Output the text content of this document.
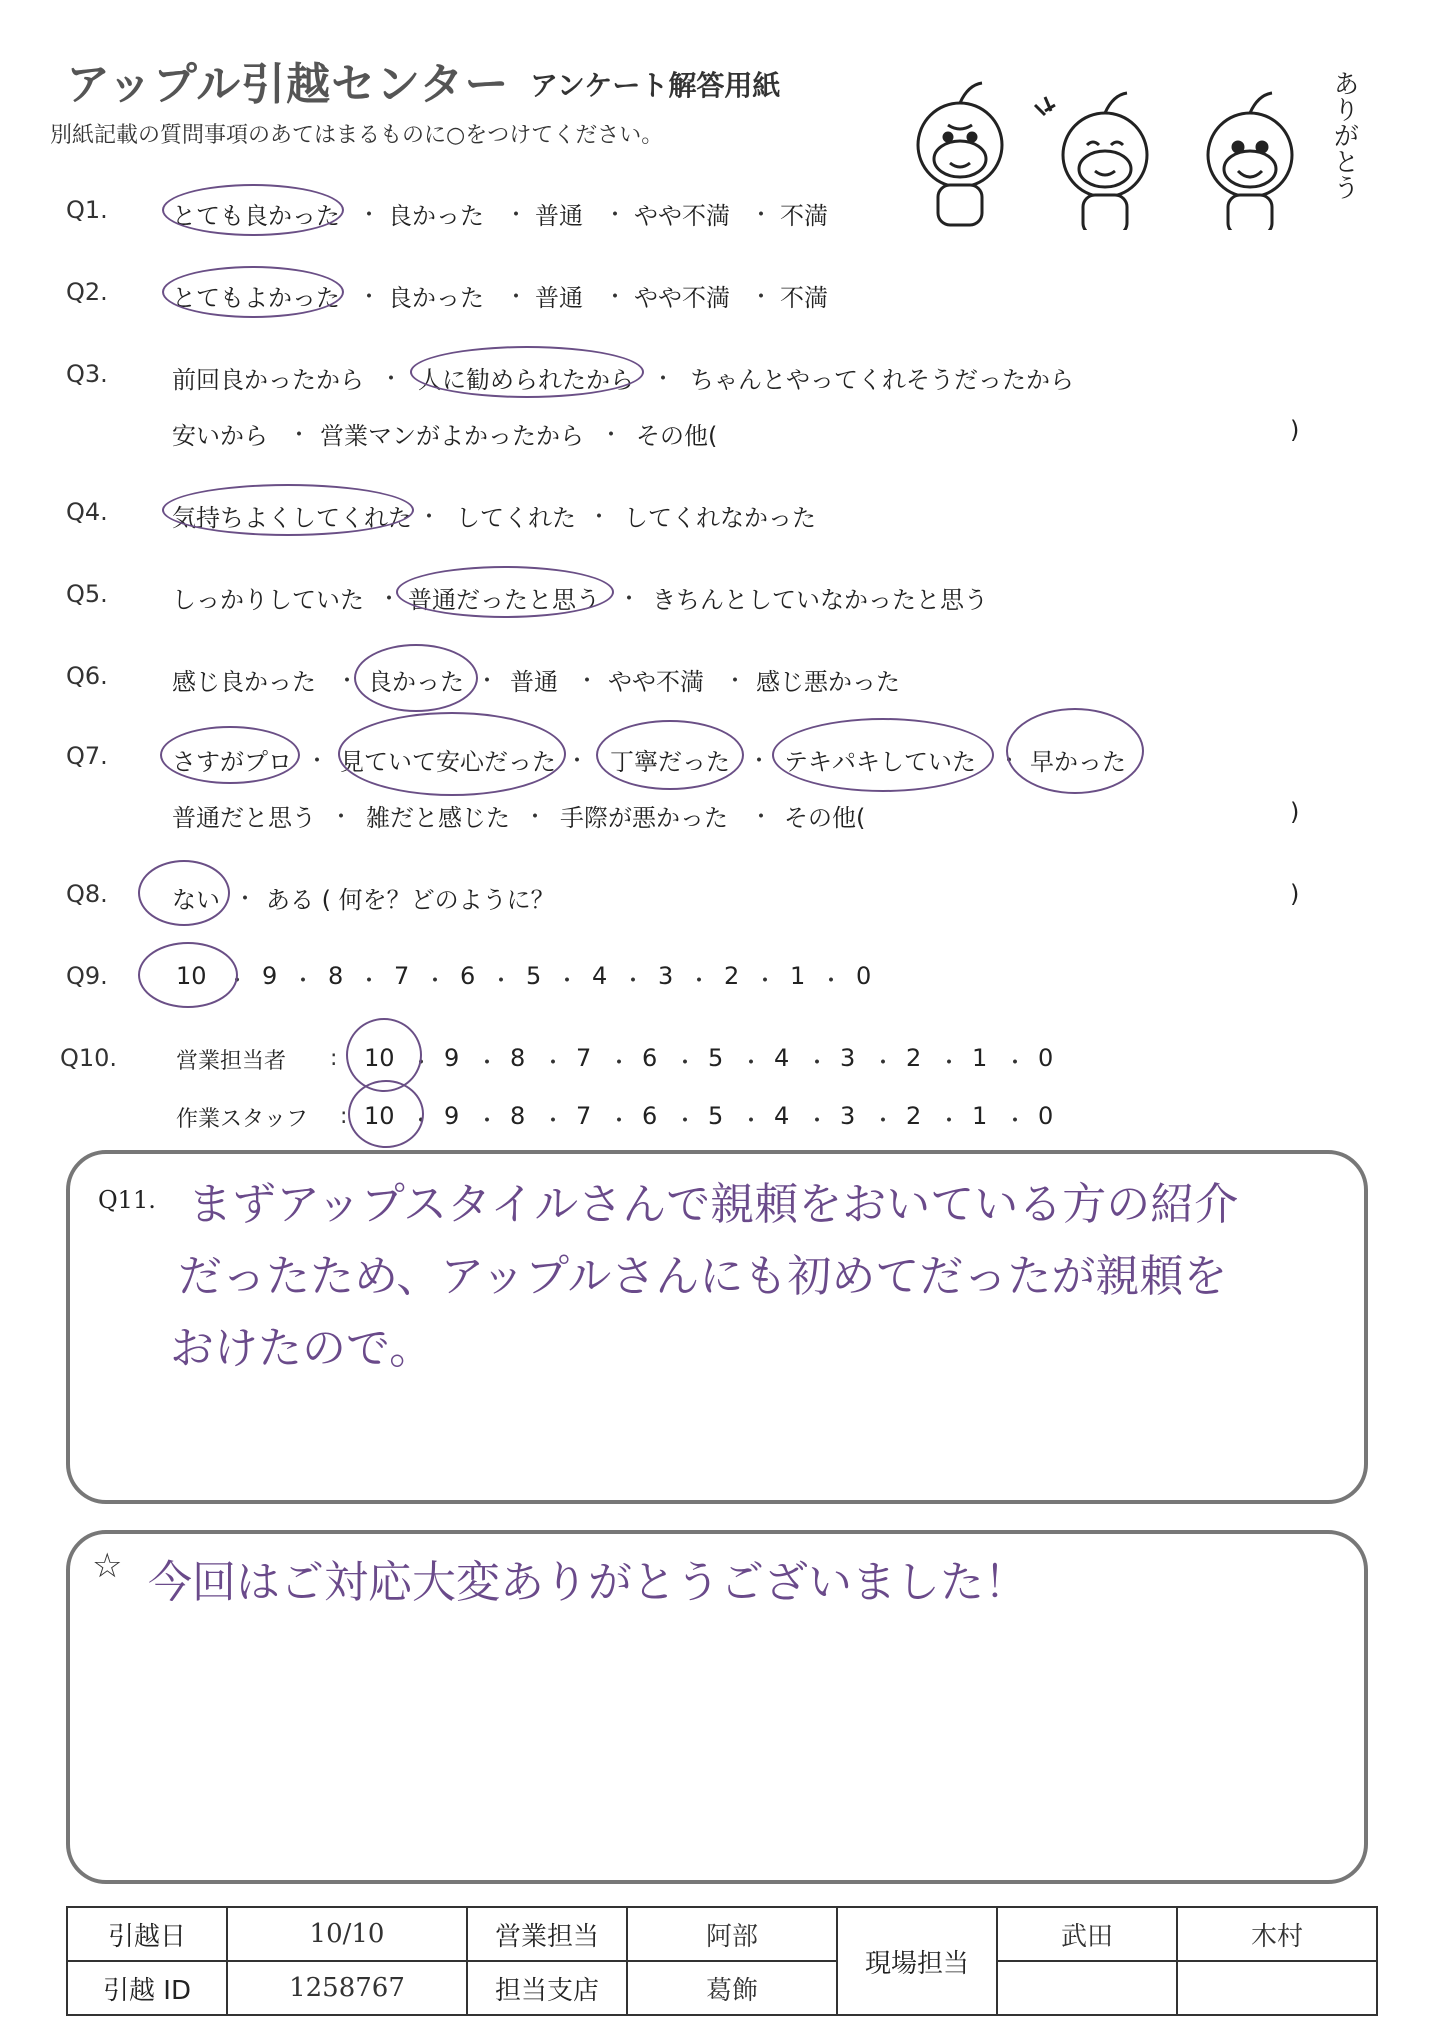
アップル引越センター アンケート解答用紙
別紙記載の質問事項のあてはまるものに○をつけてください。	ありがとう
Q1.	とても良かった ・ 良かった ・ 普通 ・ やや不満 ・ 不満
Q2.	とてもよかった ・ 良かった ・ 普通 ・ やや不満 ・ 不満
Q3.	前回良かったから ・ 人に勧められたから ・ ちゃんとやってくれそうだったから
安いから ・ 営業マンがよかったから ・ その他(	)
Q4.	気持ちよくしてくれた ・ してくれた ・ してくれなかった
Q5.	しっかりしていた ・ 普通だったと思う ・ きちんとしていなかったと思う
Q6.	感じ良かった ・ 良かった ・ 普通 ・ やや不満 ・ 感じ悪かった
Q7.	さすがプロ ・ 見ていて安心だった ・ 丁寧だった ・ テキパキしていた ・ 早かった
普通だと思う ・ 雑だと感じた ・ 手際が悪かった ・ その他(	)
Q8.	ない ・ ある ( 何を？どのように？	)
Q9.	10 9 8 7 6 5 4 3 2 1 0
・ ・ ・ ・ ・ ・ ・ ・ ・ ・
Q10.	営業担当者 : 10 9 8 7 6 5 4 3 2 1 0
・ ・ ・ ・ ・ ・ ・ ・ ・ ・
作業スタッフ : 10 9 8 7 6 5 4 3 2 1 0
・ ・ ・ ・ ・ ・ ・ ・ ・ ・
Q11. まずアップスタイルさんで親頼をおいている方の紹介
だったため、アップルさんにも初めてだったが親頼を
おけたので。
☆ 今回はご対応大変ありがとうございました！
引越日	10/10	営業担当	阿部	現場担当	武田	木村
引越 ID	1258767	担当支店	葛飾			
